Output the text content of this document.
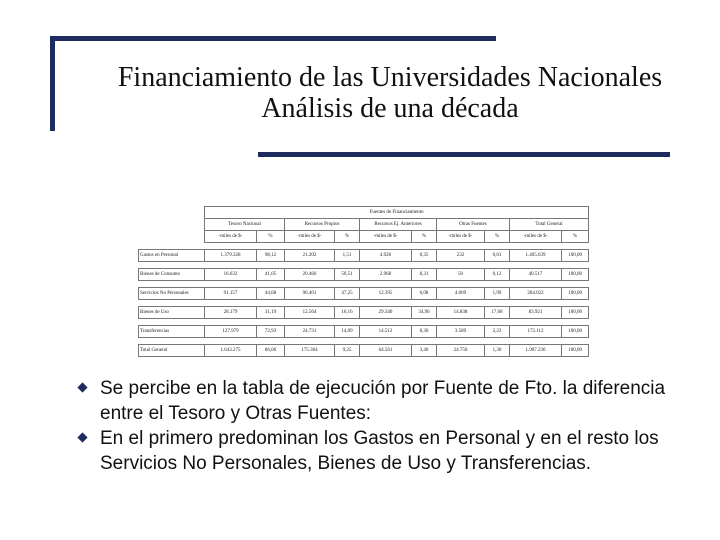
Financiamiento de las Universidades Nacionales
Análisis de una década
	Fuentes de Financiamiento									
	Tesoro Nacional		Recursos Propios		Recursos Ej. Anteriores		Otras Fuentes		Total General	
	-miles de $-	%	-miles de $-	%	-miles de $-	%	-miles de $-	%	-miles de $-	%

Gastos en Personal	1.379.328	98,12	21.202	1,51	4.926	0,35	232	0,01	1.405.639	100,00

Bienes de Consumo	16.632	41,05	20.466	50,51	2.968	8,31	50	0,12	40.517	100,00

Servicios No Personales	91.157	44,68	96.401	47,25	12.395	6,08	4.069	1,99	204.022	100,00

Bienes de Uso	28.179	31,19	12.564	16,16	29.340	34,96	14.838	17,68	83.921	100,00

Transferencias	127.979	72,93	24.731	14,09	14.512	8,36	3.589	2,23	172.112	100,00

Total General	1.643.275	86,06	175.364	9,25	64.561	3,40	24.750	1,30	1.907.230	100,00
Se percibe en la tabla de ejecución por Fuente de Fto. la diferencia entre el Tesoro y Otras Fuentes:
En el primero predominan los Gastos en Personal y en el resto los Servicios No Personales, Bienes de Uso y Transferencias.
